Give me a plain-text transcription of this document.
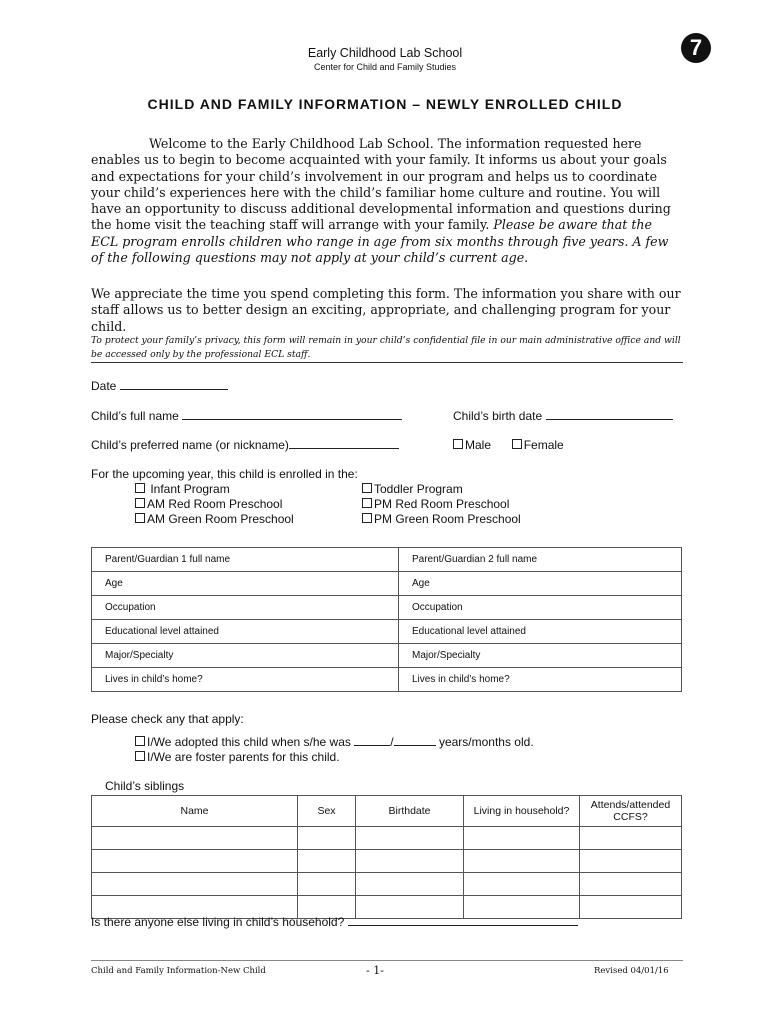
7
Early Childhood Lab School
Center for Child and Family Studies
CHILD AND FAMILY INFORMATION – NEWLY ENROLLED CHILD

Welcome to the Early Childhood Lab School. The information requested here enables us to begin to become acquainted with your family. It informs us about your goals and expectations for your child’s involvement in our program and helps us to coordinate your child’s experiences here with the child’s familiar home culture and routine. You will have an opportunity to discuss additional developmental information and questions during the home visit the teaching staff will arrange with your family. Please be aware that the ECL program enrolls children who range in age from six months through five years. A few of the following questions may not apply at your child’s current age.

We appreciate the time you spend completing this form. The information you share with our staff allows us to better design an exciting, appropriate, and challenging program for your child.

To protect your family’s privacy, this form will remain in your child’s confidential file in our main administrative office and will be accessed only by the professional ECL staff.
Date
Child’s full name	Child’s birth date
Child’s preferred name (or nickname)	Male	Female
For the upcoming year, this child is enrolled in the:
Infant Program	Toddler Program
AM Red Room Preschool	PM Red Room Preschool
AM Green Room Preschool	PM Green Room Preschool
Parent/Guardian 1 full name	Parent/Guardian 2 full name
Age	Age
Occupation	Occupation
Educational level attained	Educational level attained
Major/Specialty	Major/Specialty
Lives in child’s home?	Lives in child’s home?
Please check any that apply:
I/We adopted this child when s/he was	/	years/months old.
I/We are foster parents for this child.
Child’s siblings
Name	Sex	Birthdate	Living in household?	Attends/attended CCFS?

Is there anyone else living in child’s household?
Child and Family Information-New Child	- 1-	Revised 04/01/16
